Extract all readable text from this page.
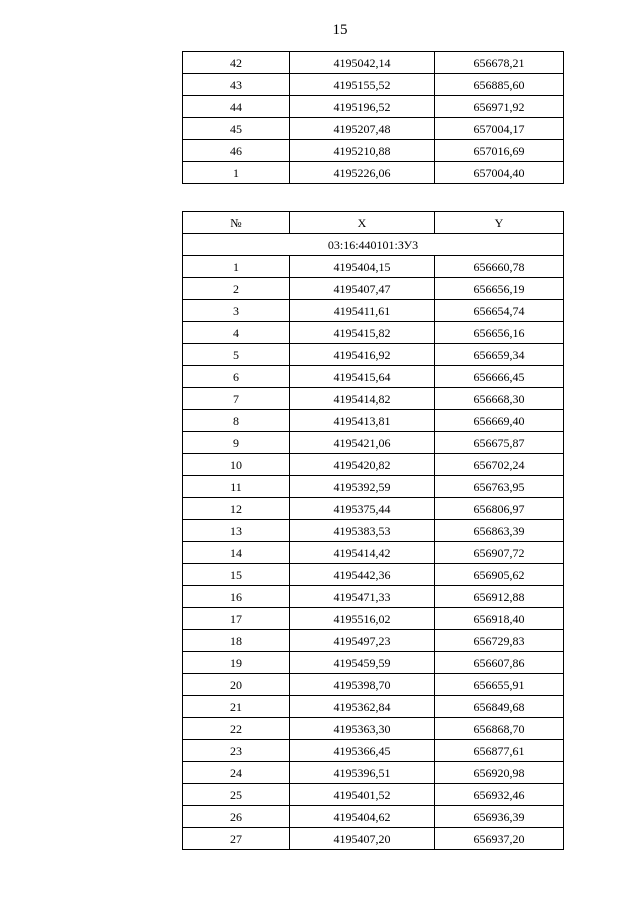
15
42	4195042,14	656678,21
43	4195155,52	656885,60
44	4195196,52	656971,92
45	4195207,48	657004,17
46	4195210,88	657016,69
1	4195226,06	657004,40
№	X	Y
03:16:440101:ЗУ3		
1	4195404,15	656660,78
2	4195407,47	656656,19
3	4195411,61	656654,74
4	4195415,82	656656,16
5	4195416,92	656659,34
6	4195415,64	656666,45
7	4195414,82	656668,30
8	4195413,81	656669,40
9	4195421,06	656675,87
10	4195420,82	656702,24
11	4195392,59	656763,95
12	4195375,44	656806,97
13	4195383,53	656863,39
14	4195414,42	656907,72
15	4195442,36	656905,62
16	4195471,33	656912,88
17	4195516,02	656918,40
18	4195497,23	656729,83
19	4195459,59	656607,86
20	4195398,70	656655,91
21	4195362,84	656849,68
22	4195363,30	656868,70
23	4195366,45	656877,61
24	4195396,51	656920,98
25	4195401,52	656932,46
26	4195404,62	656936,39
27	4195407,20	656937,20
